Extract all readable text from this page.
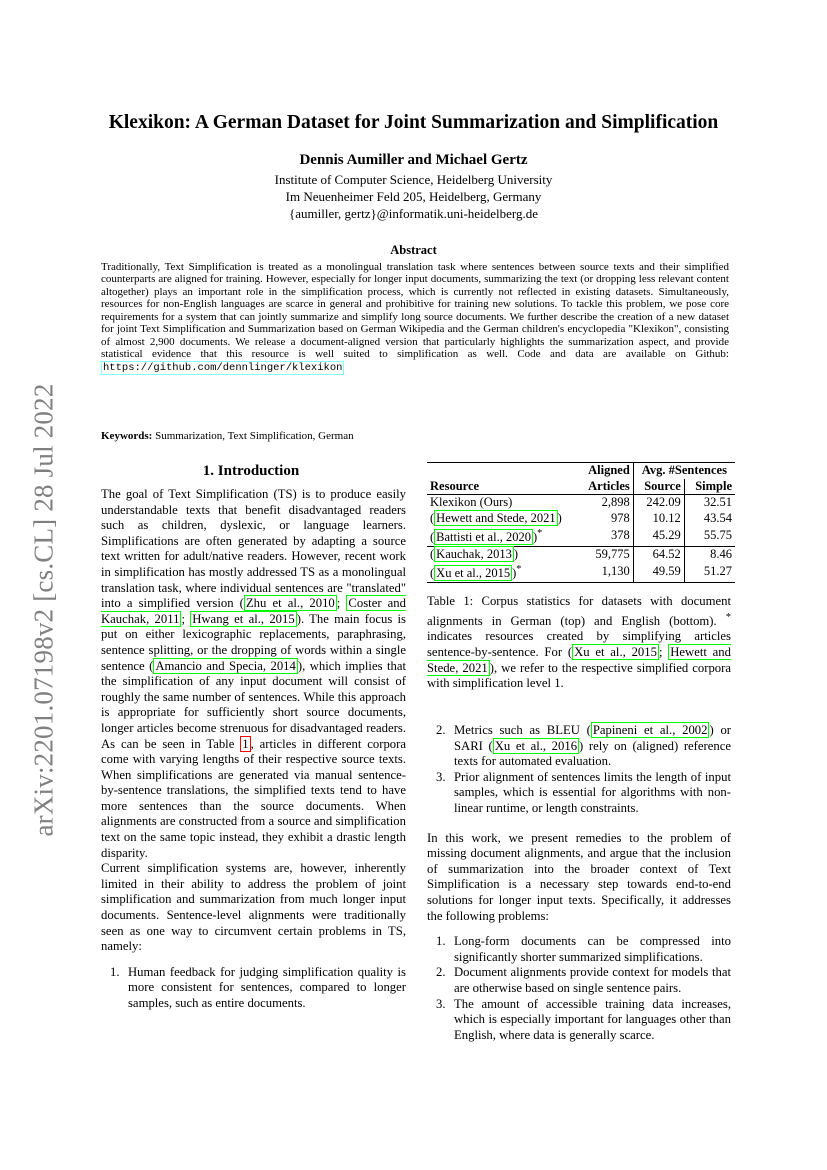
arXiv:2201.07198v2 [cs.CL] 28 Jul 2022
Klexikon: A German Dataset for Joint Summarization and Simplification
Dennis Aumiller and Michael Gertz
Institute of Computer Science, Heidelberg University
Im Neuenheimer Feld 205, Heidelberg, Germany
{aumiller, gertz}@informatik.uni-heidelberg.de
Abstract
Traditionally, Text Simplification is treated as a monolingual translation task where sentences between source texts and their simplified counterparts are aligned for training. However, especially for longer input documents, summarizing the text (or dropping less relevant content altogether) plays an important role in the simplification process, which is currently not reflected in existing datasets. Simultaneously, resources for non-English languages are scarce in general and prohibitive for training new solutions. To tackle this problem, we pose core requirements for a system that can jointly summarize and simplify long source documents. We further describe the creation of a new dataset for joint Text Simplification and Summarization based on German Wikipedia and the German children's encyclopedia "Klexikon", consisting of almost 2,900 documents. We release a document-aligned version that particularly highlights the summarization aspect, and provide statistical evidence that this resource is well suited to simplification as well. Code and data are available on Github: https://github.com/dennlinger/klexikon
Keywords: Summarization, Text Simplification, German
1. Introduction

The goal of Text Simplification (TS) is to produce easily understandable texts that benefit disadvantaged readers such as children, dyslexic, or language learners. Simplifications are often generated by adapting a source text written for adult/native readers. However, recent work in simplification has mostly addressed TS as a monolingual translation task, where individual sentences are "translated" into a simplified version ( Zhu et al., 2010 ; Coster and Kauchak, 2011 ; Hwang et al., 2015 ). The main focus is put on either lexicographic replacements, paraphrasing, sentence splitting, or the dropping of words within a single sentence ( Amancio and Specia, 2014 ), which implies that the simplification of any input document will consist of roughly the same number of sentences. While this approach is appropriate for sufficiently short source documents, longer articles become strenuous for disadvantaged readers. As can be seen in Table 1 , articles in different corpora come with varying lengths of their respective source texts. When simplifications are generated via manual sentence-by-sentence translations, the simplified texts tend to have more sentences than the source documents. When alignments are constructed from a source and simplification text on the same topic instead, they exhibit a drastic length disparity.

Current simplification systems are, however, inherently limited in their ability to address the problem of joint simplification and summarization from much longer input documents. Sentence-level alignments were traditionally seen as one way to circumvent certain problems in TS, namely:

1. Human feedback for judging simplification quality is more consistent for sentences, compared to longer samples, such as entire documents.
	Aligned	Avg. #Sentences	
Resource	Articles	Source	Simple
Klexikon (Ours)	2,898	242.09	32.51
( Hewett and Stede, 2021 )	978	10.12	43.54
( Battisti et al., 2020 )*	378	45.29	55.75
( Kauchak, 2013 )	59,775	64.52	8.46
( Xu et al., 2015 )*	1,130	49.59	51.27
Table 1: Corpus statistics for datasets with document alignments in German (top) and English (bottom). * indicates resources created by simplifying articles sentence-by-sentence. For ( Xu et al., 2015 ; Hewett and Stede, 2021 ), we refer to the respective simplified corpora with simplification level 1.
2. Metrics such as BLEU ( Papineni et al., 2002 ) or SARI ( Xu et al., 2016 ) rely on (aligned) reference texts for automated evaluation.
3. Prior alignment of sentences limits the length of input samples, which is essential for algorithms with non-linear runtime, or length constraints.

In this work, we present remedies to the problem of missing document alignments, and argue that the inclusion of summarization into the broader context of Text Simplification is a necessary step towards end-to-end solutions for longer input texts. Specifically, it addresses the following problems:

1. Long-form documents can be compressed into significantly shorter summarized simplifications.
2. Document alignments provide context for models that are otherwise based on single sentence pairs.
3. The amount of accessible training data increases, which is especially important for languages other than English, where data is generally scarce.
